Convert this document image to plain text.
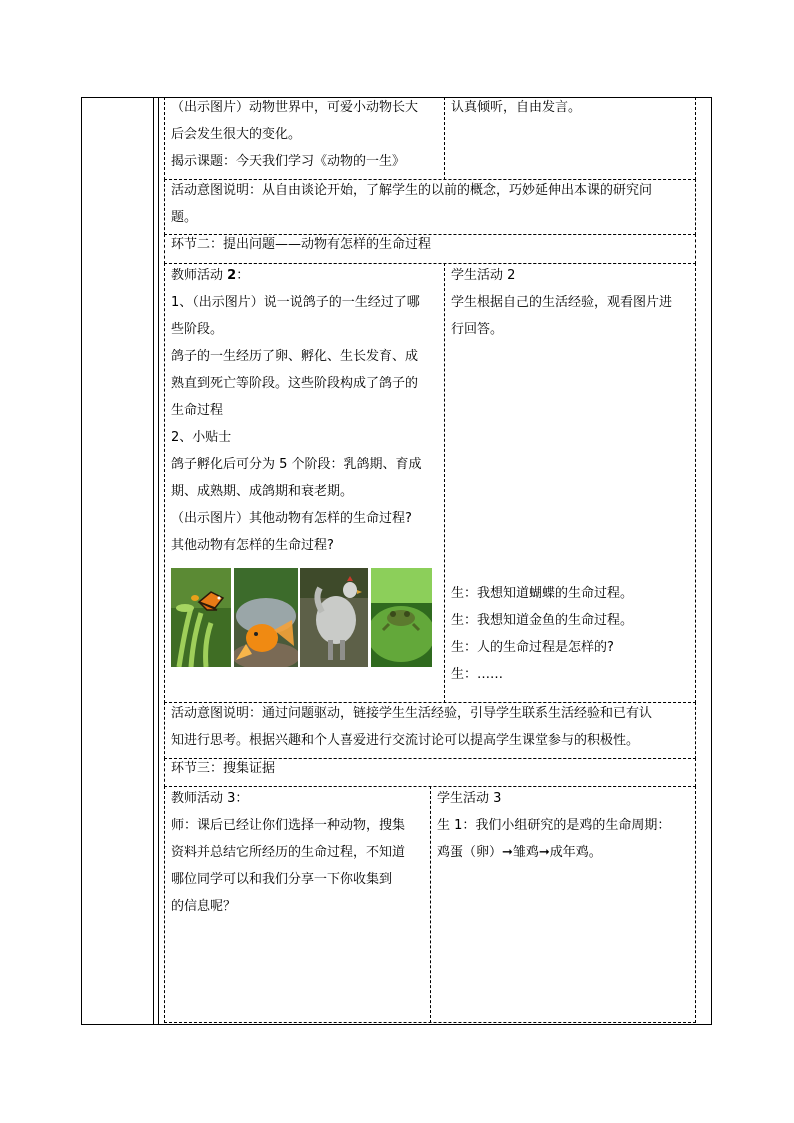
（出示图片）动物世界中，可爱小动物长大

后会发生很大的变化。

揭示课题：今天我们学习《动物的一生》

认真倾听，自由发言。

活动意图说明：从自由谈论开始，了解学生的以前的概念，巧妙延伸出本课的研究问

题。

环节二：提出问题——动物有怎样的生命过程

教师活动 2：

1、（出示图片）说一说鸽子的一生经过了哪

些阶段。

鸽子的一生经历了卵、孵化、生长发育、成

熟直到死亡等阶段。这些阶段构成了鸽子的

生命过程

2、小贴士

鸽子孵化后可分为 5 个阶段：乳鸽期、育成

期、成熟期、成鸽期和衰老期。

（出示图片）其他动物有怎样的生命过程?

其他动物有怎样的生命过程?

学生活动 2

学生根据自己的生活经验，观看图片进

行回答。

生：我想知道蝴蝶的生命过程。

生：我想知道金鱼的生命过程。

生：人的生命过程是怎样的?

生：……

活动意图说明：通过问题驱动，链接学生生活经验，引导学生联系生活经验和已有认

知进行思考。根据兴趣和个人喜爱进行交流讨论可以提高学生课堂参与的积极性。

环节三：搜集证据

教师活动 3：

师：课后已经让你们选择一种动物，搜集

资料并总结它所经历的生命过程，不知道

哪位同学可以和我们分享一下你收集到

的信息呢？

学生活动 3

生 1：我们小组研究的是鸡的生命周期：

鸡蛋（卵）➞雏鸡➞成年鸡。
